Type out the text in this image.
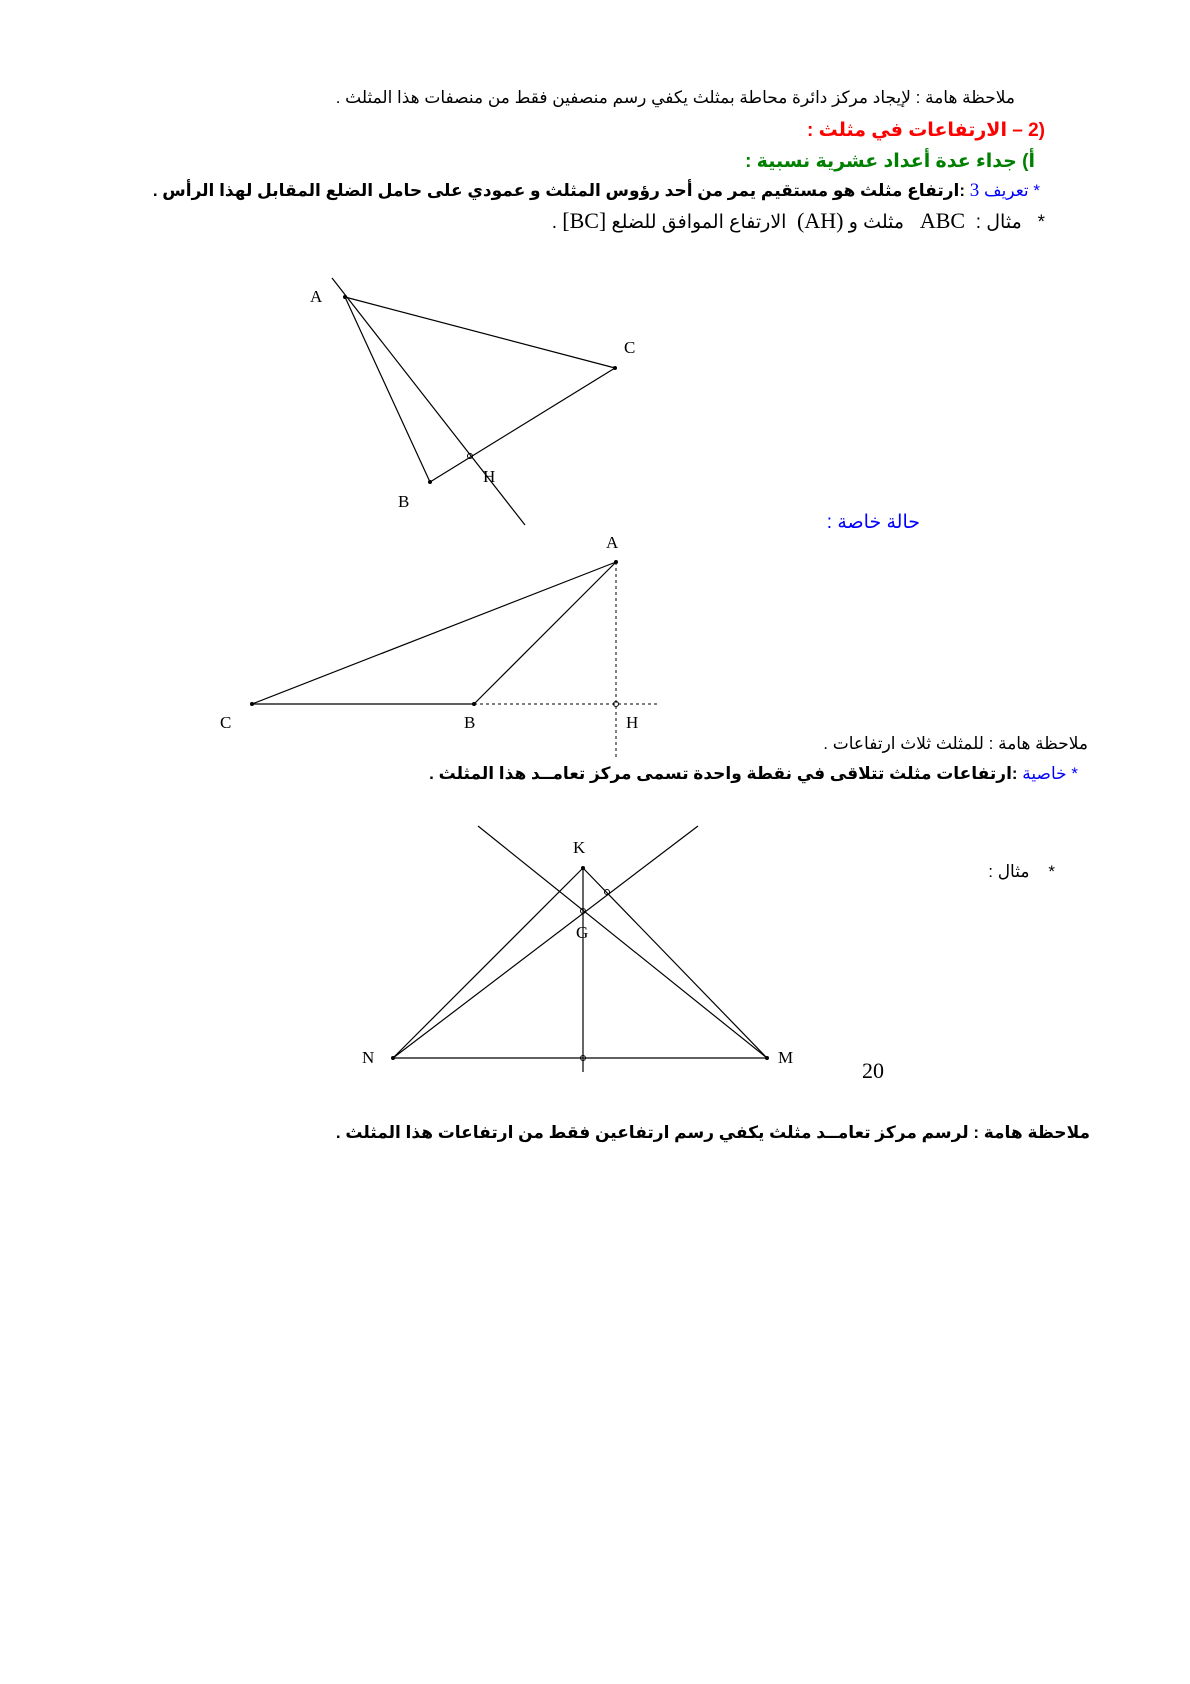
ملاحظة هامة : لإيجاد مركز دائرة محاطة بمثلث يكفي رسم منصفين فقط من منصفات هذا المثلث .
2) – الارتفاعات في مثلث :
أ) جداء عدة أعداد عشرية نسبية :
* تعريف 3 :ارتفاع مثلث هو مستقيم يمر من أحد رؤوس المثلث و عمودي على حامل الضلع المقابل لهذا الرأس .
*   مثال :  ABC   مثلث و (AH)  الارتفاع الموافق للضلع [BC] .
A
C
B
H
حالة خاصة :
A
C	B	H
ملاحظة هامة : للمثلث ثلاث ارتفاعات .
* خاصية :ارتفاعات مثلث تتلاقى في نقطة واحدة تسمى مركز تعامــد هذا المثلث .
*    مثال :
K
G
N	M
20
ملاحظة هامة : لرسم مركز تعامــد مثلث يكفي رسم ارتفاعين فقط من ارتفاعات هذا المثلث .
